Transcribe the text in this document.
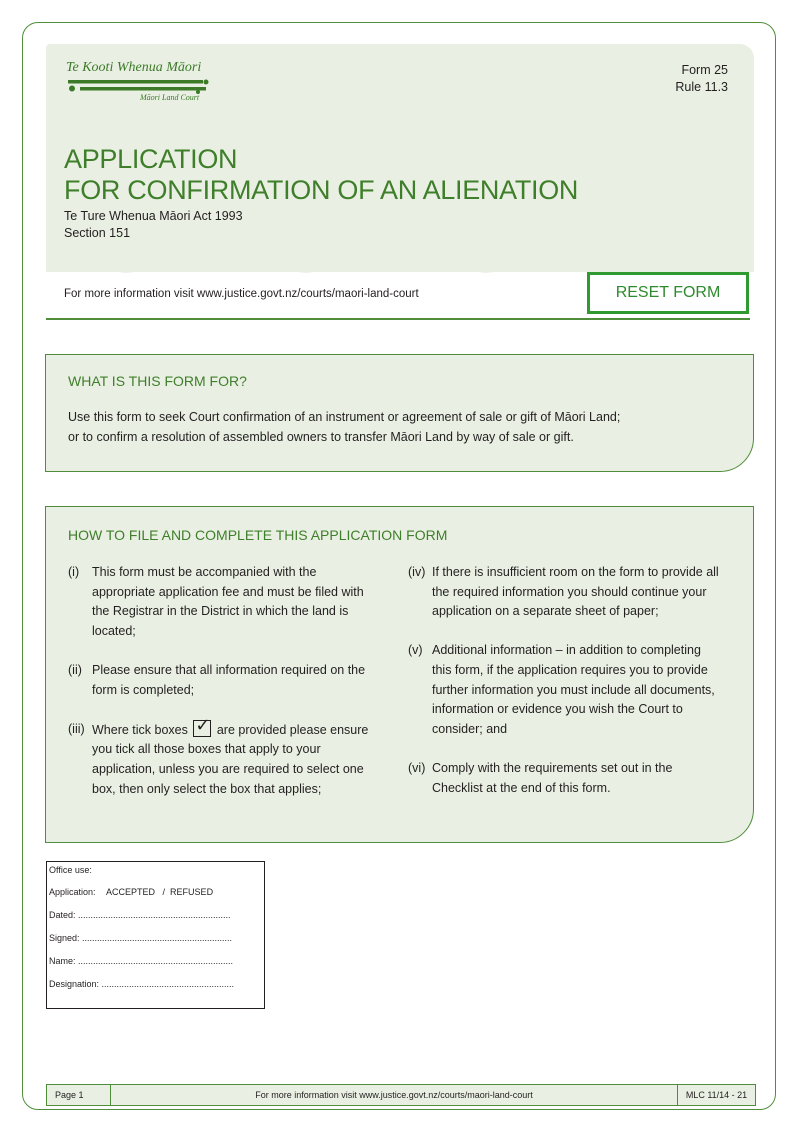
Te Kooti Whenua Māori
Māori Land Court
Form 25
Rule 11.3
APPLICATION
FOR CONFIRMATION OF AN ALIENATION
Te Ture Whenua Māori Act 1993
Section 151
For more information visit www.justice.govt.nz/courts/maori-land-court	RESET FORM
WHAT IS THIS FORM FOR?
Use this form to seek Court confirmation of an instrument or agreement of sale or gift of Māori Land;
or to confirm a resolution of assembled owners to transfer Māori Land by way of sale or gift.
HOW TO FILE AND COMPLETE THIS APPLICATION FORM
(i)	This form must be accompanied with the appropriate application fee and must be filed with the Registrar in the District in which the land is located;
(ii) Please ensure that all information required on the form is completed;
(iii) Where tick boxes ✓ are provided please ensure you tick all those boxes that apply to your application, unless you are required to select one box, then only select the box that applies;
(iv) If there is insufficient room on the form to provide all the required information you should continue your application on a separate sheet of paper;
(v) Additional information – in addition to completing this form, if the application requires you to provide further information you must include all documents, information or evidence you wish the Court to consider; and
(vi) Comply with the requirements set out in the Checklist at the end of this form.
Office use:
Application: ACCEPTED   /  REFUSED
Dated: .............................................................
Signed: ............................................................
Name: ..............................................................
Designation: .....................................................
Page 1	For more information visit www.justice.govt.nz/courts/maori-land-court	MLC 11/14 - 21
